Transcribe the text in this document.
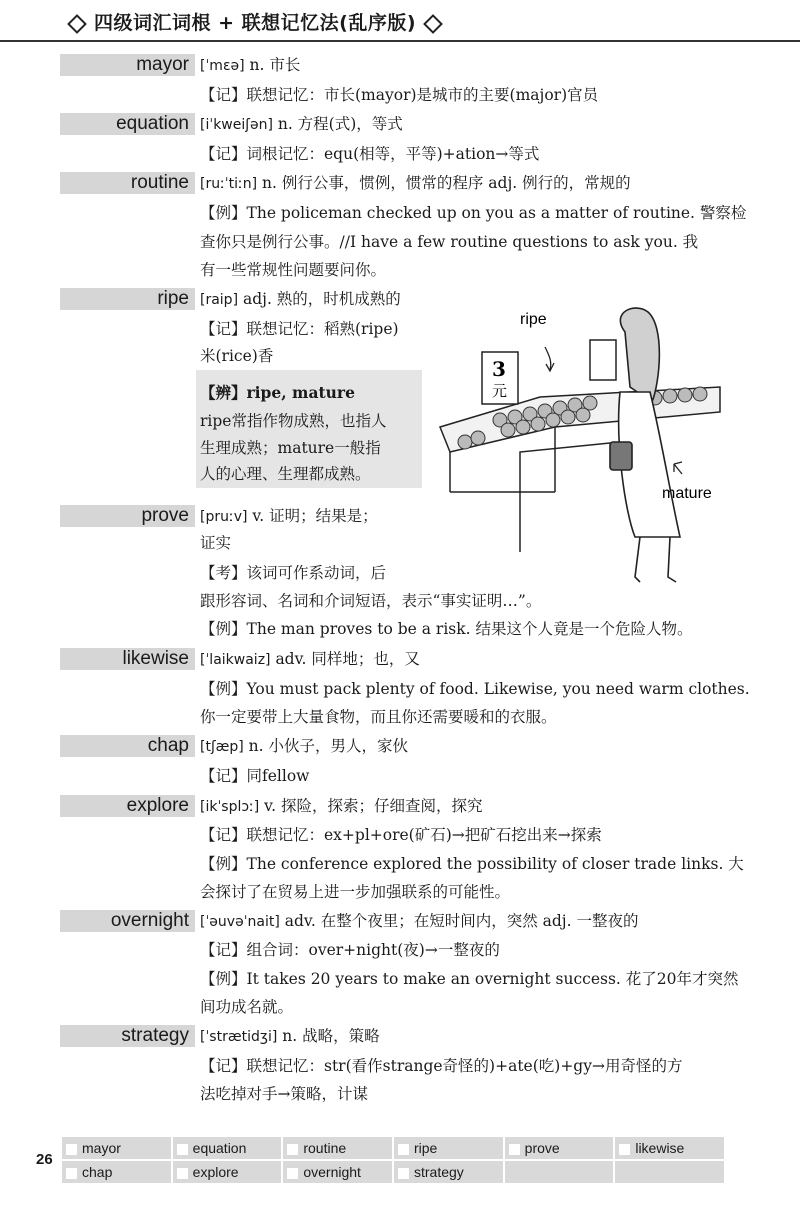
四级词汇词根 + 联想记忆法(乱序版)
mayor [ˈmɛə] n. 市长
【记】联想记忆：市长(mayor)是城市的主要(major)官员
equation [iˈkweiʃən] n. 方程(式)，等式
【记】词根记忆：equ(相等，平等)+ation→等式
routine [ruːˈtiːn] n. 例行公事，惯例，惯常的程序 adj. 例行的，常规的
【例】The policeman checked up on you as a matter of routine. 警察检
查你只是例行公事。//I have a few routine questions to ask you. 我
有一些常规性问题要问你。
ripe [raip] adj. 熟的，时机成熟的
【记】联想记忆：稻熟(ripe)
米(rice)香
【辨】ripe, mature
ripe常指作物成熟，也指人
生理成熟；mature一般指
人的心理、生理都成熟。
ripe
mature
3
元
prove [pruːv] v. 证明；结果是；
证实
【考】该词可作系动词，后
跟形容词、名词和介词短语，表示“事实证明…”。
【例】The man proves to be a risk. 结果这个人竟是一个危险人物。
likewise [ˈlaikwaiz] adv. 同样地；也，又
【例】You must pack plenty of food. Likewise, you need warm clothes.
你一定要带上大量食物，而且你还需要暖和的衣服。
chap [tʃæp] n. 小伙子，男人，家伙
【记】同fellow
explore [ikˈsplɔː] v. 探险，探索；仔细查阅，探究
【记】联想记忆：ex+pl+ore(矿石)→把矿石挖出来→探索
【例】The conference explored the possibility of closer trade links. 大
会探讨了在贸易上进一步加强联系的可能性。
overnight [ˈəuvəˈnait] adv. 在整个夜里；在短时间内，突然 adj. 一整夜的
【记】组合词：over+night(夜)→一整夜的
【例】It takes 20 years to make an overnight success. 花了20年才突然
间功成名就。
strategy [ˈstrætidʒi] n. 战略，策略
【记】联想记忆：str(看作strange奇怪的)+ate(吃)+gy→用奇怪的方
法吃掉对手→策略，计谋
26
mayor	equation	routine	ripe	prove	likewise
chap	explore	overnight	strategy
